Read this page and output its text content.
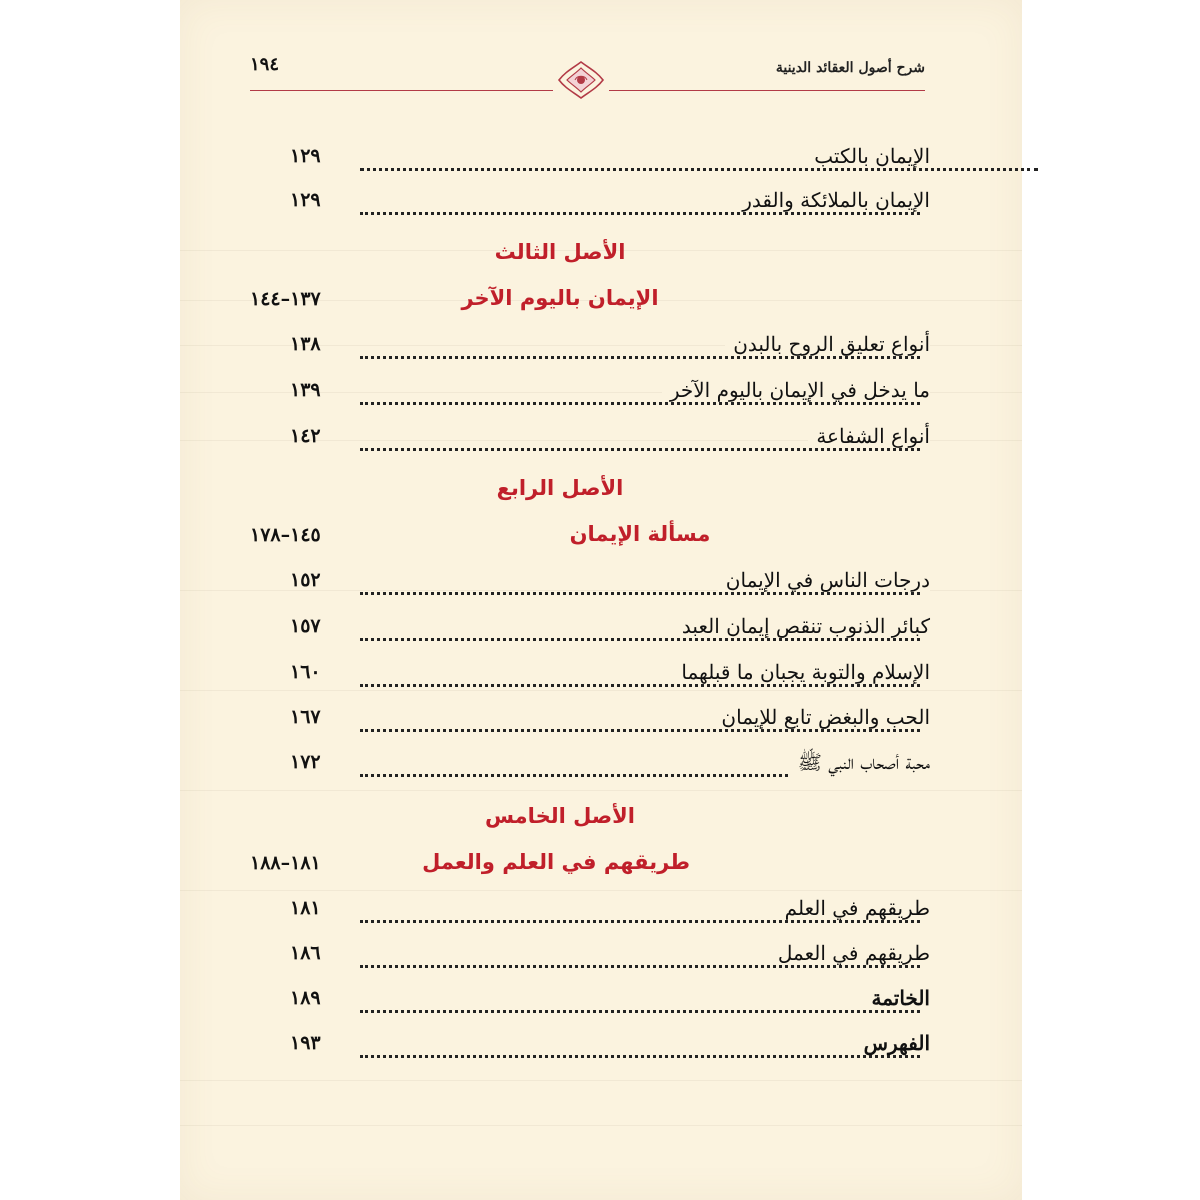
١٩٤	شرح أصول العقائد الدينية
١٢٩	الإيمان بالكتب
١٢٩	الإيمان بالملائكة والقدر
الأصل الثالث
١٣٧–١٤٤	الإيمان باليوم الآخر
١٣٨	أنواع تعليق الروح بالبدن
١٣٩	ما يدخل في الإيمان باليوم الآخر
١٤٢	أنواع الشفاعة
الأصل الرابع
١٤٥–١٧٨	مسألة الإيمان
١٥٢	درجات الناس في الإيمان
١٥٧	كبائر الذنوب تنقص إيمان العبد
١٦٠	الإسلام والتوبة يجبان ما قبلهما
١٦٧	الحب والبغض تابع للإيمان
١٧٢	محبة أصحاب النبي ﷺ
الأصل الخامس
١٨١–١٨٨	طريقهم في العلم والعمل
١٨١	طريقهم في العلم
١٨٦	طريقهم في العمل
١٨٩	الخاتمة
١٩٣	الفهرس
